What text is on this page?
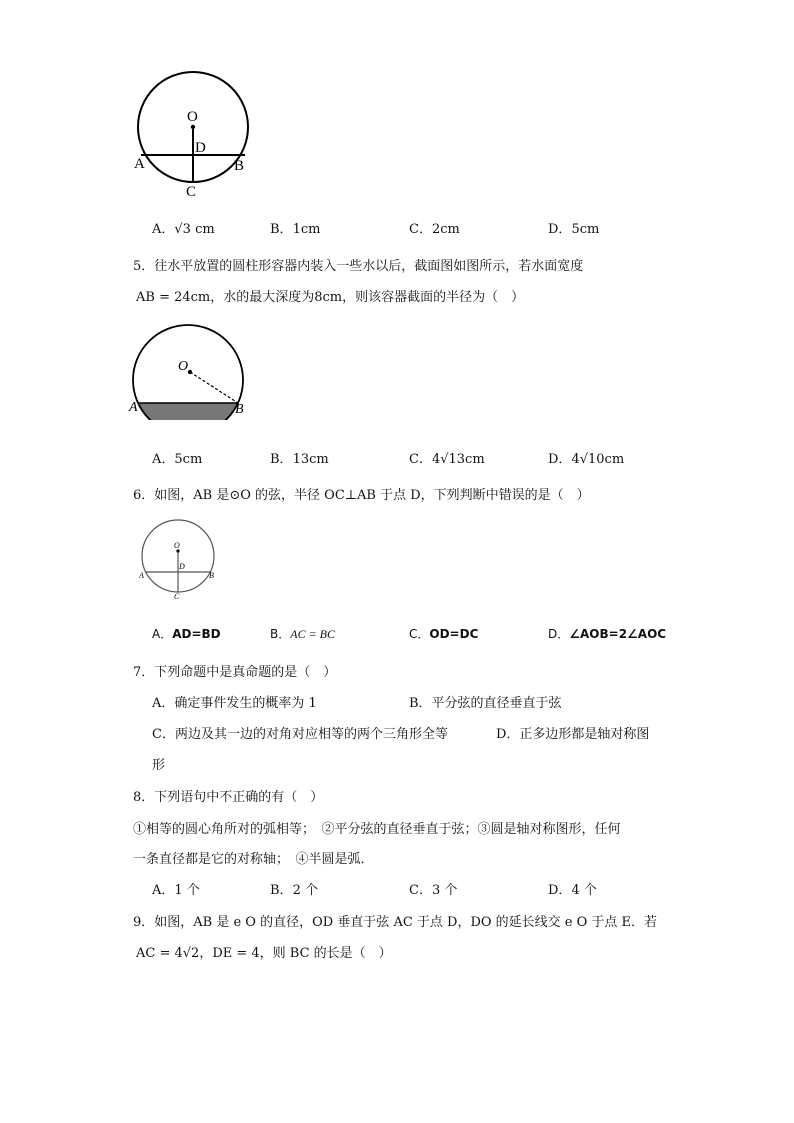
O
D
A	B
C
A．√3 cm	B．1cm	C．2cm	D．5cm
5．往水平放置的圆柱形容器内装入一些水以后，截面图如图所示，若水面宽度
AB = 24cm，水的最大深度为8cm，则该容器截面的半径为（　）
O
A	B
A．5cm	B．13cm	C．4√13cm	D．4√10cm
6．如图，AB 是⊙O 的弦，半径 OC⊥AB 于点 D，下列判断中错误的是（　）
O
D
A	B
C
A．AD=BD	B．AC = BC	C．OD=DC	D．∠AOB=2∠AOC
7．下列命题中是真命题的是（　）
A．确定事件发生的概率为 1	B．平分弦的直径垂直于弦
C．两边及其一边的对角对应相等的两个三角形全等	D．正多边形都是轴对称图
形
8．下列语句中不正确的有（　）
①相等的圆心角所对的弧相等；　②平分弦的直径垂直于弦；③圆是轴对称图形，任何
一条直径都是它的对称轴；　④半圆是弧．
A．1 个	B．2 个	C．3 个	D．4 个
9．如图，AB 是 e O 的直径，OD 垂直于弦 AC 于点 D，DO 的延长线交 e O 于点 E．若
AC = 4√2，DE = 4，则 BC 的长是（　）
